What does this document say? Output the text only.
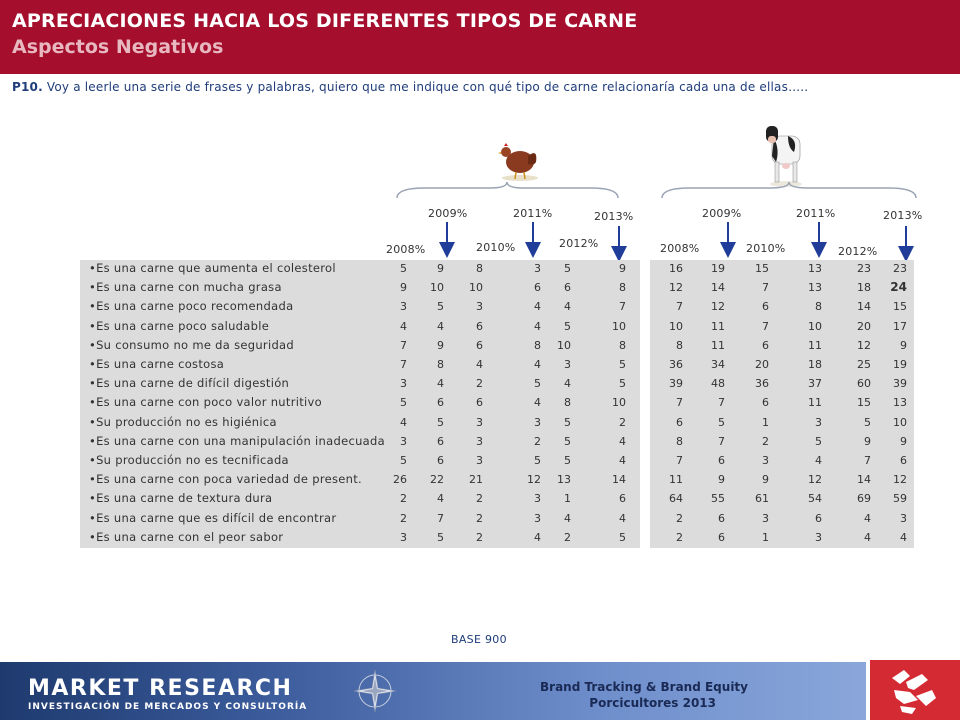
APRECIACIONES HACIA LOS DIFERENTES TIPOS DE CARNE
Aspectos Negativos
P10. Voy a leerle una serie de frases y palabras, quiero que me indique con qué tipo de carne relacionaría cada una de ellas…..
2008%
2009%
2010%
2011%
2012%
2013%
2008%
2009%
2010%
2011%
2012%
2013%
•Es una carne que aumenta el colesterol	5	9	8	3	5	9	16	19	15	13	23	23
•Es una carne con mucha grasa	9	10	10	6	6	8	12	14	7	13	18	24
•Es una carne poco recomendada	3	5	3	4	4	7	7	12	6	8	14	15
•Es una carne poco saludable	4	4	6	4	5	10	10	11	7	10	20	17
•Su consumo no me da seguridad	7	9	6	8	10	8	8	11	6	11	12	9
•Es una carne costosa	7	8	4	4	3	5	36	34	20	18	25	19
•Es una carne de difícil digestión	3	4	2	5	4	5	39	48	36	37	60	39
•Es una carne con poco valor nutritivo	5	6	6	4	8	10	7	7	6	11	15	13
•Su producción no es higiénica	4	5	3	3	5	2	6	5	1	3	5	10
•Es una carne con una manipulación inadecuada	3	6	3	2	5	4	8	7	2	5	9	9
•Su producción no es tecnificada	5	6	3	5	5	4	7	6	3	4	7	6
•Es una carne con poca variedad de present.	26	22	21	12	13	14	11	9	9	12	14	12
•Es una carne de textura dura	2	4	2	3	1	6	64	55	61	54	69	59
•Es una carne que es difícil de encontrar	2	7	2	3	4	4	2	6	3	6	4	3
•Es una carne con el peor sabor	3	5	2	4	2	5	2	6	1	3	4	4
BASE 900
MARKET RESEARCH
INVESTIGACIÓN DE MERCADOS Y CONSULTORÍA
Brand Tracking & Brand Equity
Porcicultores 2013
